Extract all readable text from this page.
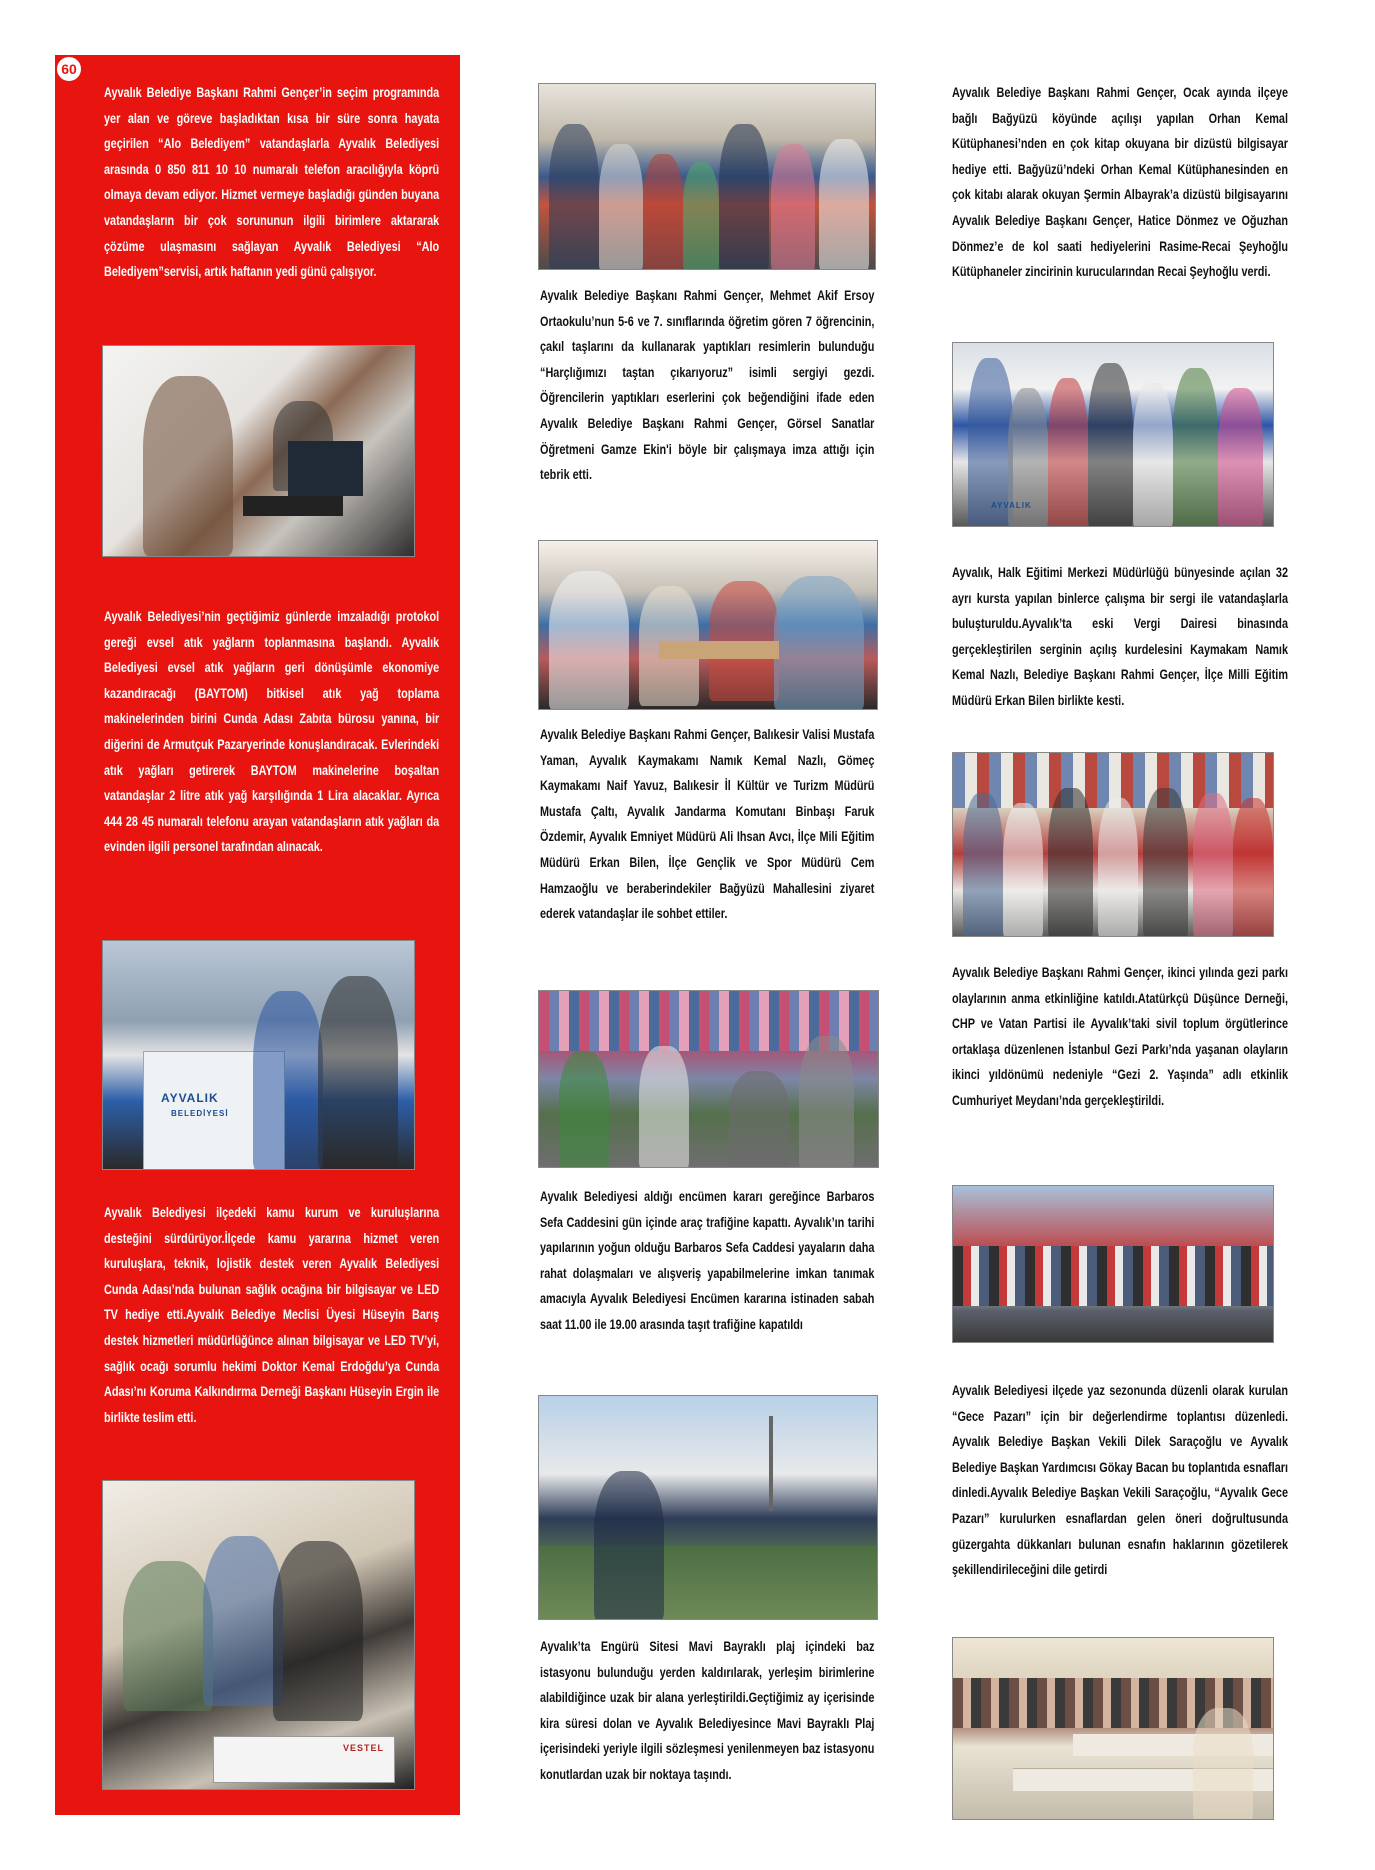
60

Ayvalık Belediye Başkanı Rahmi Gençer’in seçim programında yer alan ve göreve başladıktan kısa bir süre sonra hayata geçirilen “Alo Belediyem” vatandaşlarla Ayvalık Belediyesi arasında 0 850 811 10 10 numaralı telefon aracılığıyla köprü olmaya devam ediyor. Hizmet vermeye başladığı günden buyana vatandaşların bir çok sorununun ilgili birimlere aktararak çözüme ulaşmasını sağlayan Ayvalık Belediyesi “Alo Belediyem”servisi, artık haftanın yedi günü çalışıyor.

Ayvalık Belediyesi’nin geçtiğimiz günlerde imzaladığı protokol gereği evsel atık yağların toplanmasına başlandı. Ayvalık Belediyesi evsel atık yağların geri dönüşümle ekonomiye kazandıracağı (BAYTOM) bitkisel atık yağ toplama makinelerinden birini Cunda Adası Zabıta bürosu yanına, bir diğerini de Armutçuk Pazaryerinde konuşlandıracak. Evlerindeki atık yağları getirerek BAYTOM makinelerine boşaltan vatandaşlar 2 litre atık yağ karşılığında 1 Lira alacaklar. Ayrıca 444 28 45 numaralı telefonu arayan vatandaşların atık yağları da evinden ilgili personel tarafından alınacak.

AYVALIK
BELEDİYESİ

Ayvalık Belediyesi ilçedeki kamu kurum ve kuruluşlarına desteğini sürdürüyor.İlçede kamu yararına hizmet veren kuruluşlara, teknik, lojistik destek veren Ayvalık Belediyesi Cunda Adası’nda bulunan sağlık ocağına bir bilgisayar ve LED TV hediye etti.Ayvalık Belediye Meclisi Üyesi Hüseyin Barış destek hizmetleri müdürlüğünce alınan bilgisayar ve LED TV’yi, sağlık ocağı sorumlu hekimi Doktor Kemal Erdoğdu’ya Cunda Adası’nı Koruma Kalkındırma Derneği Başkanı Hüseyin Ergin ile birlikte teslim etti.

VESTEL

Ayvalık Belediye Başkanı Rahmi Gençer, Mehmet Akif Ersoy Ortaokulu’nun 5-6 ve 7. sınıflarında öğretim gören 7 öğrencinin, çakıl taşlarını da kullanarak yaptıkları resimlerin bulunduğu “Harçlığımızı taştan çıkarıyoruz” isimli sergiyi gezdi. Öğrencilerin yaptıkları eserlerini çok beğendiğini ifade eden Ayvalık Belediye Başkanı Rahmi Gençer, Görsel Sanatlar Öğretmeni Gamze Ekin'i böyle bir çalışmaya imza attığı için tebrik etti.

Ayvalık Belediye Başkanı Rahmi Gençer, Balıkesir Valisi Mustafa Yaman, Ayvalık Kaymakamı Namık Kemal Nazlı, Gömeç Kaymakamı Naif Yavuz, Balıkesir İl Kültür ve Turizm Müdürü Mustafa Çaltı, Ayvalık Jandarma Komutanı Binbaşı Faruk Özdemir, Ayvalık Emniyet Müdürü Ali Ihsan Avcı, İlçe Mili Eğitim Müdürü Erkan Bilen, İlçe Gençlik ve Spor Müdürü Cem Hamzaoğlu ve beraberindekiler Bağyüzü Mahallesini ziyaret ederek vatandaşlar ile sohbet ettiler.

Ayvalık Belediyesi aldığı encümen kararı gereğince Barbaros Sefa Caddesini gün içinde araç trafiğine kapattı. Ayvalık’ın tarihi yapılarının yoğun olduğu Barbaros Sefa Caddesi yayaların daha rahat dolaşmaları ve alışveriş yapabilmelerine imkan tanımak amacıyla Ayvalık Belediyesi Encümen kararına istinaden sabah saat 11.00 ile 19.00 arasında taşıt trafiğine kapatıldı

Ayvalık’ta Engürü Sitesi Mavi Bayraklı plaj içindeki baz istasyonu bulunduğu yerden kaldırılarak, yerleşim birimlerine alabildiğince uzak bir alana yerleştirildi.Geçtiğimiz ay içerisinde kira süresi dolan ve Ayvalık Belediyesince Mavi Bayraklı Plaj içerisindeki yeriyle ilgili sözleşmesi yenilenmeyen baz istasyonu konutlardan uzak bir noktaya taşındı.

Ayvalık Belediye Başkanı Rahmi Gençer, Ocak ayında ilçeye bağlı Bağyüzü köyünde açılışı yapılan Orhan Kemal Kütüphanesi’nden en çok kitap okuyana bir dizüstü bilgisayar hediye etti. Bağyüzü’ndeki Orhan Kemal Kütüphanesinden en çok kitabı alarak okuyan Şermin Albayrak’a dizüstü bilgisayarını Ayvalık Belediye Başkanı Gençer, Hatice Dönmez ve Oğuzhan Dönmez’e de kol saati hediyelerini Rasime-Recai Şeyhoğlu Kütüphaneler zincirinin kurucularından Recai Şeyhoğlu verdi.

AYVALIK

Ayvalık, Halk Eğitimi Merkezi Müdürlüğü bünyesinde açılan 32 ayrı kursta yapılan binlerce çalışma bir sergi ile vatandaşlarla buluşturuldu.Ayvalık’ta eski Vergi Dairesi binasında gerçekleştirilen serginin açılış kurdelesini Kaymakam Namık Kemal Nazlı, Belediye Başkanı Rahmi Gençer, İlçe Milli Eğitim Müdürü Erkan Bilen birlikte kesti.

Ayvalık Belediye Başkanı Rahmi Gençer, ikinci yılında gezi parkı olaylarının anma etkinliğine katıldı.Atatürkçü Düşünce Derneği, CHP ve Vatan Partisi ile Ayvalık’taki sivil toplum örgütlerince ortaklaşa düzenlenen İstanbul Gezi Parkı’nda yaşanan olayların ikinci yıldönümü nedeniyle “Gezi 2. Yaşında” adlı etkinlik Cumhuriyet Meydanı’nda gerçekleştirildi.

Ayvalık Belediyesi ilçede yaz sezonunda düzenli olarak kurulan “Gece Pazarı” için bir değerlendirme toplantısı düzenledi. Ayvalık Belediye Başkan Vekili Dilek Saraçoğlu ve Ayvalık Belediye Başkan Yardımcısı Gökay Bacan bu toplantıda esnafları dinledi.Ayvalık Belediye Başkan Vekili Saraçoğlu, “Ayvalık Gece Pazarı” kurulurken esnaflardan gelen öneri doğrultusunda güzergahta dükkanları bulunan esnafın haklarının gözetilerek şekillendirileceğini dile getirdi
